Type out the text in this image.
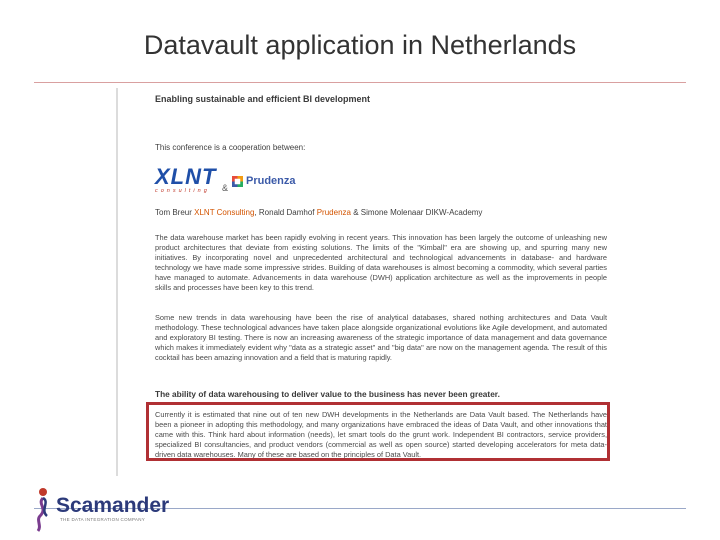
Datavault application in Netherlands
Enabling sustainable and efficient BI development
This conference is a cooperation between:
XLNT
consulting	&
Prudenza
Tom Breur XLNT Consulting, Ronald Damhof Prudenza & Simone Molenaar DIKW-Academy
The data warehouse market has been rapidly evolving in recent years. This innovation has been largely the outcome of unleashing new product architectures that deviate from existing solutions. The limits of the "Kimball" era are showing up, and spurring many new initiatives. By incorporating novel and unprecedented architectural and technological advancements in database- and hardware technology we have made some impressive strides. Building of data warehouses is almost becoming a commodity, which several parties have managed to automate. Advancements in data warehouse (DWH) application architecture as well as the improvements in people skills and processes have been key to this trend.
Some new trends in data warehousing have been the rise of analytical databases, shared nothing architectures and Data Vault methodology. These technological advances have taken place alongside organizational evolutions like Agile development, and automated and exploratory BI testing. There is now an increasing awareness of the strategic importance of data management and data governance which makes it immediately evident why "data as a strategic asset" and "big data" are now on the management agenda. The result of this cocktail has been amazing innovation and a field that is maturing rapidly.
The ability of data warehousing to deliver value to the business has never been greater.
Currently it is estimated that nine out of ten new DWH developments in the Netherlands are Data Vault based. The Netherlands have been a pioneer in adopting this methodology, and many organizations have embraced the ideas of Data Vault, and other innovations that came with this. Think hard about information (needs), let smart tools do the grunt work. Independent BI contractors, service providers, specialized BI consultancies, and product vendors (commercial as well as open source) started developing accelerators for meta data-driven data warehouses. Many of these are based on the principles of Data Vault.
Scamander
THE DATA INTEGRATION COMPANY
